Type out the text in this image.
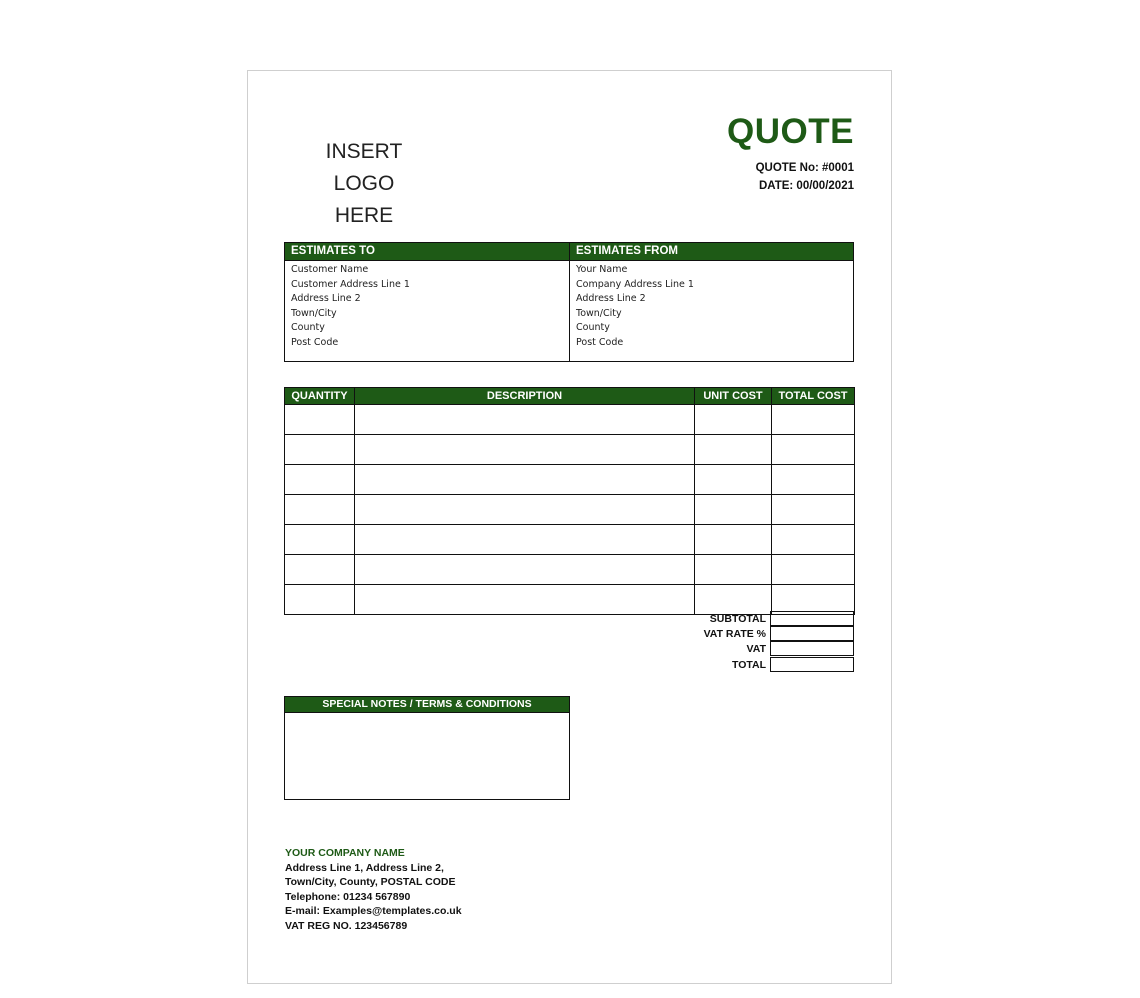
INSERT LOGO
HERE
QUOTE
QUOTE No: #0001
DATE: 00/00/2021
ESTIMATES TO
Customer Name
Customer Address Line 1
Address Line 2
Town/City
County
Post Code
ESTIMATES FROM
Your Name
Company Address Line 1
Address Line 2
Town/City
County
Post Code
QUANTITY	DESCRIPTION	UNIT COST	TOTAL COST

SUBTOTAL
VAT RATE %
VAT
TOTAL
SPECIAL NOTES / TERMS & CONDITIONS
YOUR COMPANY NAME
Address Line 1, Address Line 2,
Town/City, County, POSTAL CODE
Telephone: 01234 567890
E-mail: Examples@templates.co.uk
VAT REG NO. 123456789
